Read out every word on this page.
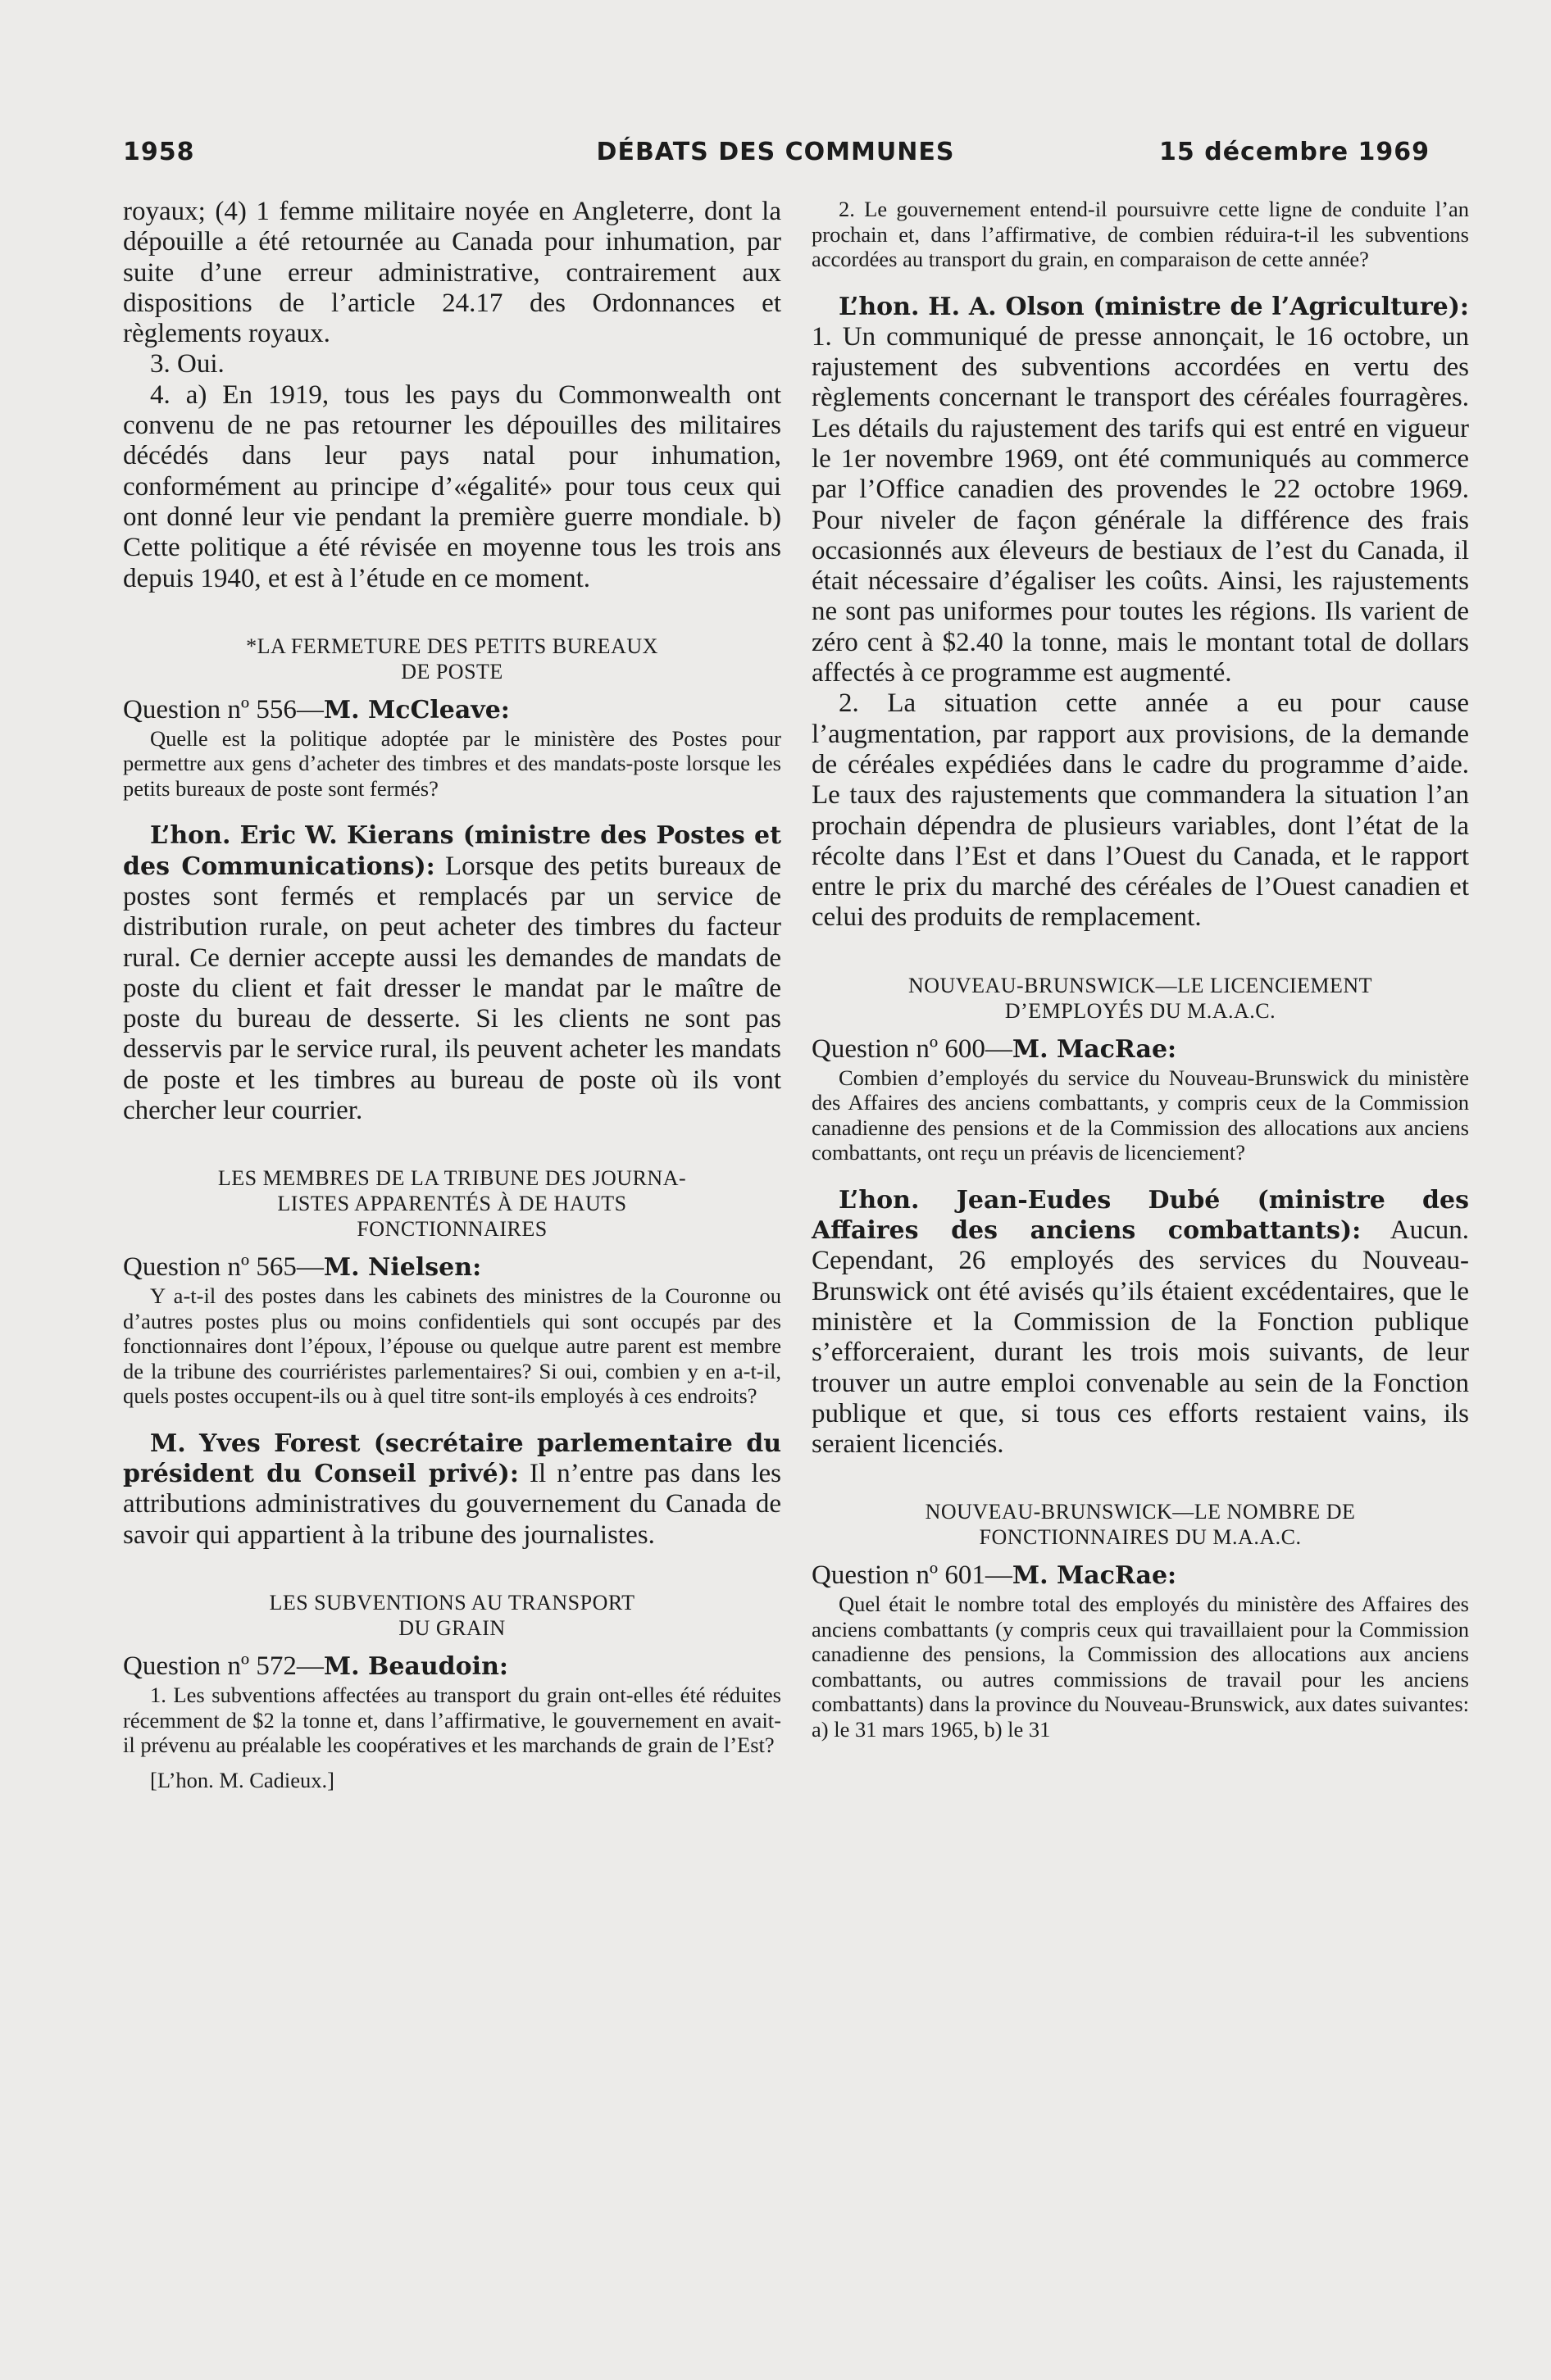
1958	DÉBATS DES COMMUNES	15 décembre 1969

royaux; (4) 1 femme militaire noyée en Angleterre, dont la dépouille a été retournée au Canada pour inhumation, par suite d’une erreur administrative, contrairement aux dispositions de l’article 24.17 des Ordonnances et règlements royaux.

3. Oui.

4. a) En 1919, tous les pays du Commonwealth ont convenu de ne pas retourner les dépouilles des militaires décédés dans leur pays natal pour inhumation, conformément au principe d’«égalité» pour tous ceux qui ont donné leur vie pendant la première guerre mondiale. b) Cette politique a été révisée en moyenne tous les trois ans depuis 1940, et est à l’étude en ce moment.

*LA FERMETURE DES PETITS BUREAUX
DE POSTE

Question nº 556—M. McCleave:

Quelle est la politique adoptée par le ministère des Postes pour permettre aux gens d’acheter des timbres et des mandats-poste lorsque les petits bureaux de poste sont fermés?

L’hon. Eric W. Kierans (ministre des Postes et des Communications): Lorsque des petits bureaux de postes sont fermés et remplacés par un service de distribution rurale, on peut acheter des timbres du facteur rural. Ce dernier accepte aussi les demandes de mandats de poste du client et fait dresser le mandat par le maître de poste du bureau de desserte. Si les clients ne sont pas desservis par le service rural, ils peuvent acheter les mandats de poste et les timbres au bureau de poste où ils vont chercher leur courrier.

LES MEMBRES DE LA TRIBUNE DES JOURNA-
LISTES APPARENTÉS À DE HAUTS
FONCTIONNAIRES

Question nº 565—M. Nielsen:

Y a-t-il des postes dans les cabinets des ministres de la Couronne ou d’autres postes plus ou moins confidentiels qui sont occupés par des fonctionnaires dont l’époux, l’épouse ou quelque autre parent est membre de la tribune des courriéristes parlementaires? Si oui, combien y en a-t-il, quels postes occupent-ils ou à quel titre sont-ils employés à ces endroits?

M. Yves Forest (secrétaire parlementaire du président du Conseil privé): Il n’entre pas dans les attributions administratives du gouvernement du Canada de savoir qui appartient à la tribune des journalistes.

LES SUBVENTIONS AU TRANSPORT
DU GRAIN

Question nº 572—M. Beaudoin:

1. Les subventions affectées au transport du grain ont-elles été réduites récemment de $2 la tonne et, dans l’affirmative, le gouvernement en avait-il prévenu au préalable les coopératives et les marchands de grain de l’Est?

[L’hon. M. Cadieux.]

2. Le gouvernement entend-il poursuivre cette ligne de conduite l’an prochain et, dans l’affirmative, de combien réduira-t-il les subventions accordées au transport du grain, en comparaison de cette année?

L’hon. H. A. Olson (ministre de l’Agriculture): 1. Un communiqué de presse annonçait, le 16 octobre, un rajustement des subventions accordées en vertu des règlements concernant le transport des céréales fourragères. Les détails du rajustement des tarifs qui est entré en vigueur le 1er novembre 1969, ont été communiqués au commerce par l’Office canadien des provendes le 22 octobre 1969. Pour niveler de façon générale la différence des frais occasionnés aux éleveurs de bestiaux de l’est du Canada, il était nécessaire d’égaliser les coûts. Ainsi, les rajustements ne sont pas uniformes pour toutes les régions. Ils varient de zéro cent à $2.40 la tonne, mais le montant total de dollars affectés à ce programme est augmenté.

2. La situation cette année a eu pour cause l’augmentation, par rapport aux provisions, de la demande de céréales expédiées dans le cadre du programme d’aide. Le taux des rajustements que commandera la situation l’an prochain dépendra de plusieurs variables, dont l’état de la récolte dans l’Est et dans l’Ouest du Canada, et le rapport entre le prix du marché des céréales de l’Ouest canadien et celui des produits de remplacement.

NOUVEAU-BRUNSWICK—LE LICENCIEMENT
D’EMPLOYÉS DU M.A.A.C.

Question nº 600—M. MacRae:

Combien d’employés du service du Nouveau-Brunswick du ministère des Affaires des anciens combattants, y compris ceux de la Commission canadienne des pensions et de la Commission des allocations aux anciens combattants, ont reçu un préavis de licenciement?

L’hon. Jean-Eudes Dubé (ministre des Affaires des anciens combattants): Aucun. Cependant, 26 employés des services du Nouveau-Brunswick ont été avisés qu’ils étaient excédentaires, que le ministère et la Commission de la Fonction publique s’efforceraient, durant les trois mois suivants, de leur trouver un autre emploi convenable au sein de la Fonction publique et que, si tous ces efforts restaient vains, ils seraient licenciés.

NOUVEAU-BRUNSWICK—LE NOMBRE DE
FONCTIONNAIRES DU M.A.A.C.

Question nº 601—M. MacRae:

Quel était le nombre total des employés du ministère des Affaires des anciens combattants (y compris ceux qui travaillaient pour la Commission canadienne des pensions, la Commission des allocations aux anciens combattants, ou autres commissions de travail pour les anciens combattants) dans la province du Nouveau-Brunswick, aux dates suivantes: a) le 31 mars 1965, b) le 31
